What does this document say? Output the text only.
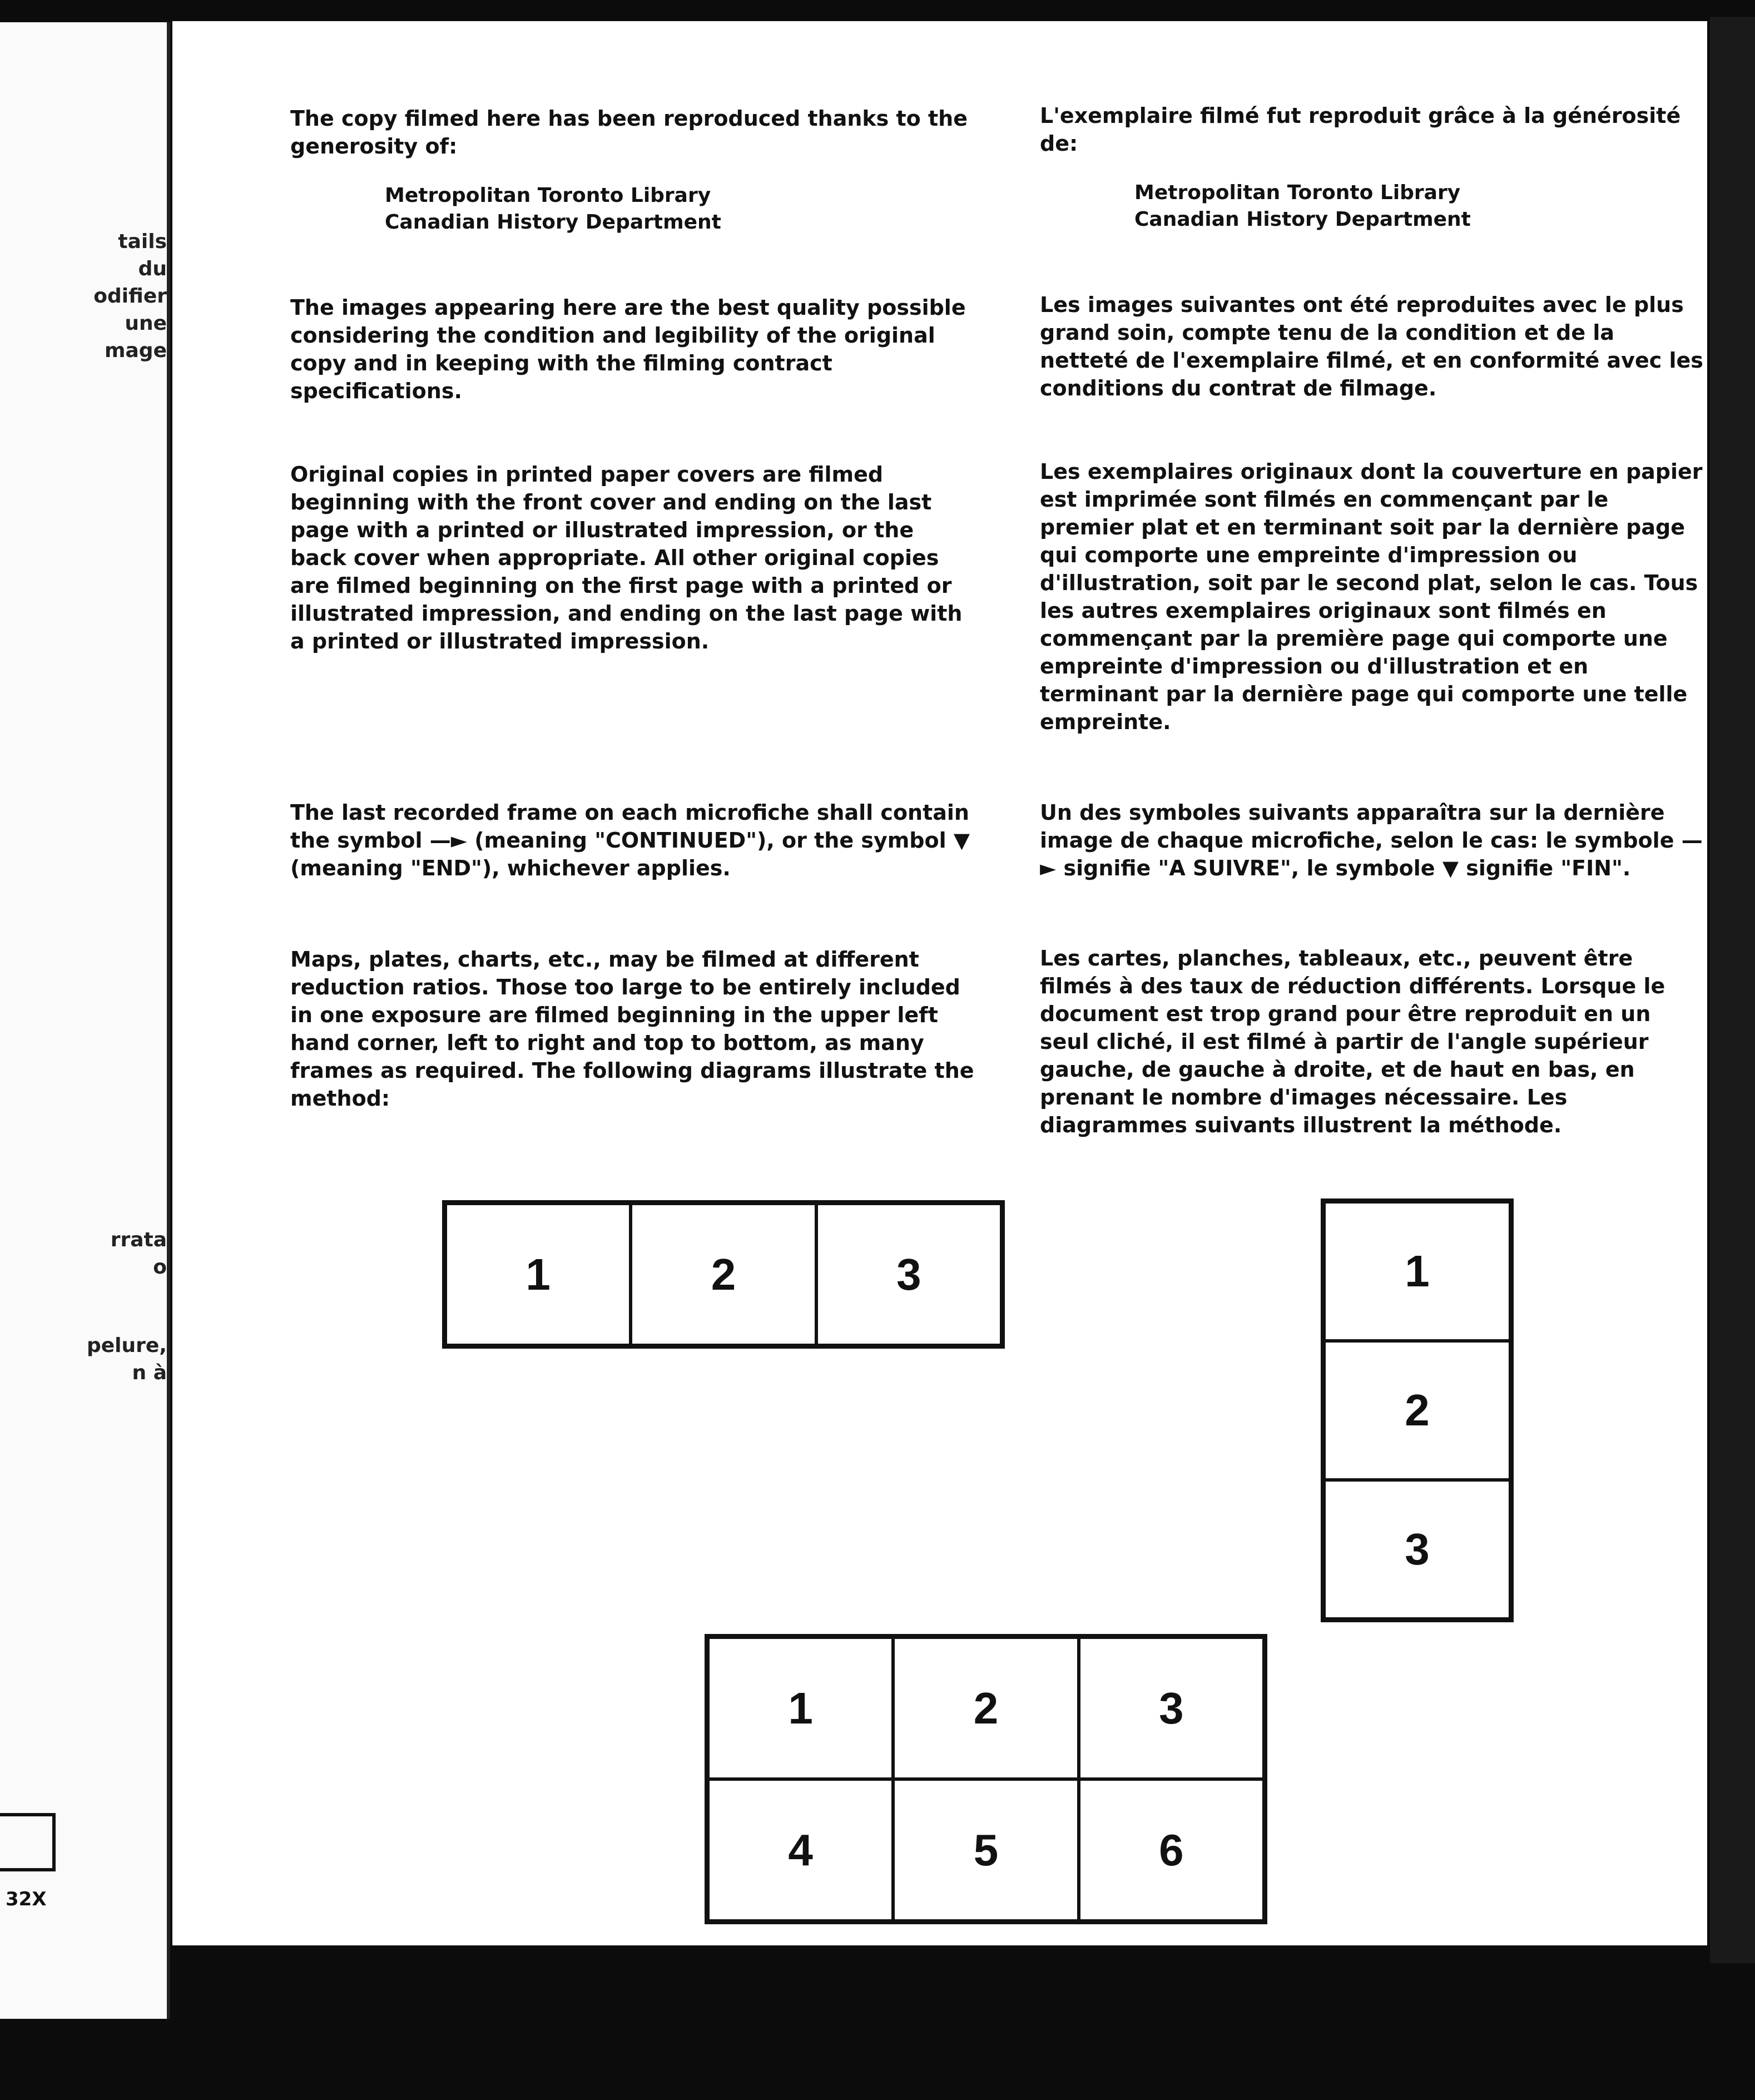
tails
du
odifier
une
mage
rrata
o
pelure,
n à
32X

The copy filmed here has been reproduced thanks to the generosity of:

Metropolitan Toronto Library
Canadian History Department
The images appearing here are the best quality possible considering the condition and legibility of the original copy and in keeping with the filming contract specifications.
Original copies in printed paper covers are filmed beginning with the front cover and ending on the last page with a printed or illustrated impression, or the back cover when appropriate. All other original copies are filmed beginning on the first page with a printed or illustrated impression, and ending on the last page with a printed or illustrated impression.
The last recorded frame on each microfiche shall contain the symbol —► (meaning "CONTINUED"), or the symbol ▼ (meaning "END"), whichever applies.
Maps, plates, charts, etc., may be filmed at different reduction ratios. Those too large to be entirely included in one exposure are filmed beginning in the upper left hand corner, left to right and top to bottom, as many frames as required. The following diagrams illustrate the method:

L'exemplaire filmé fut reproduit grâce à la générosité de:

Metropolitan Toronto Library
Canadian History Department
Les images suivantes ont été reproduites avec le plus grand soin, compte tenu de la condition et de la netteté de l'exemplaire filmé, et en conformité avec les conditions du contrat de filmage.
Les exemplaires originaux dont la couverture en papier est imprimée sont filmés en commençant par le premier plat et en terminant soit par la dernière page qui comporte une empreinte d'impression ou d'illustration, soit par le second plat, selon le cas. Tous les autres exemplaires originaux sont filmés en commençant par la première page qui comporte une empreinte d'impression ou d'illustration et en terminant par la dernière page qui comporte une telle empreinte.
Un des symboles suivants apparaîtra sur la dernière image de chaque microfiche, selon le cas: le symbole —► signifie "A SUIVRE", le symbole ▼ signifie "FIN".
Les cartes, planches, tableaux, etc., peuvent être filmés à des taux de réduction différents. Lorsque le document est trop grand pour être reproduit en un seul cliché, il est filmé à partir de l'angle supérieur gauche, de gauche à droite, et de haut en bas, en prenant le nombre d'images nécessaire. Les diagrammes suivants illustrent la méthode.
1	2	3	1
2
3
1	2	3
4	5	6
